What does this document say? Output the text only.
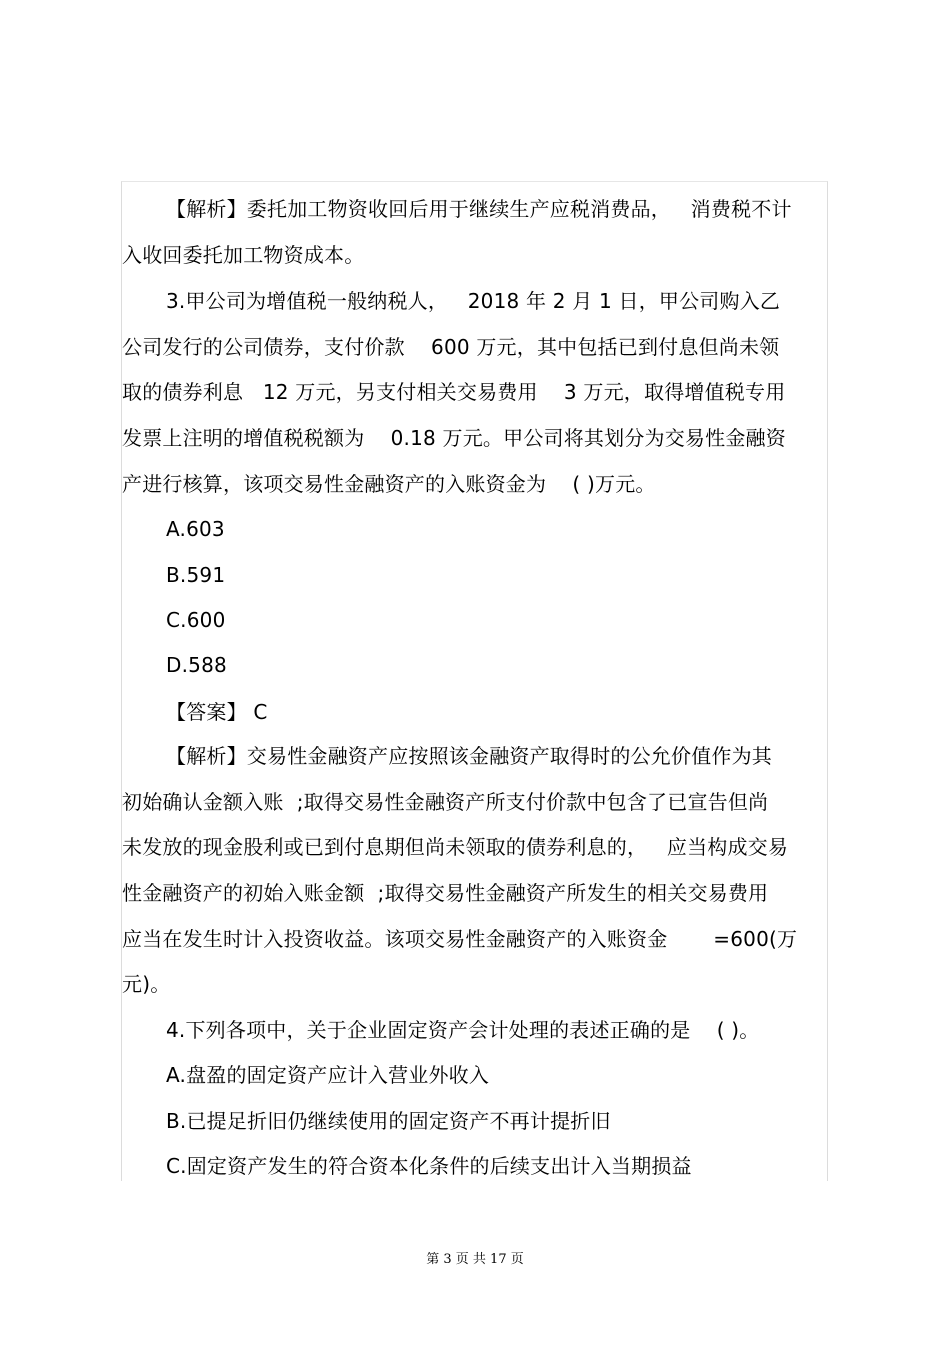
【解析】委托加工物资收回后用于继续生产应税消费品，   消费税不计
入收回委托加工物资成本。
3.甲公司为增值税一般纳税人，   2018 年 2 月 1 日，甲公司购入乙
公司发行的公司债券，支付价款    600 万元，其中包括已到付息但尚未领
取的债券利息   12 万元，另支付相关交易费用    3 万元，取得增值税专用
发票上注明的增值税税额为    0.18 万元。甲公司将其划分为交易性金融资
产进行核算，该项交易性金融资产的入账资金为    ( )万元。
A.603
B.591
C.600
D.588
【答案】 C
【解析】交易性金融资产应按照该金融资产取得时的公允价值作为其
初始确认金额入账  ;取得交易性金融资产所支付价款中包含了已宣告但尚
未发放的现金股利或已到付息期但尚未领取的债券利息的，   应当构成交易
性金融资产的初始入账金额  ;取得交易性金融资产所发生的相关交易费用
应当在发生时计入投资收益。该项交易性金融资产的入账资金       =600(万
元)。
4.下列各项中，关于企业固定资产会计处理的表述正确的是    ( )。
A.盘盈的固定资产应计入营业外收入
B.已提足折旧仍继续使用的固定资产不再计提折旧
C.固定资产发生的符合资本化条件的后续支出计入当期损益
第 3 页 共 17 页
